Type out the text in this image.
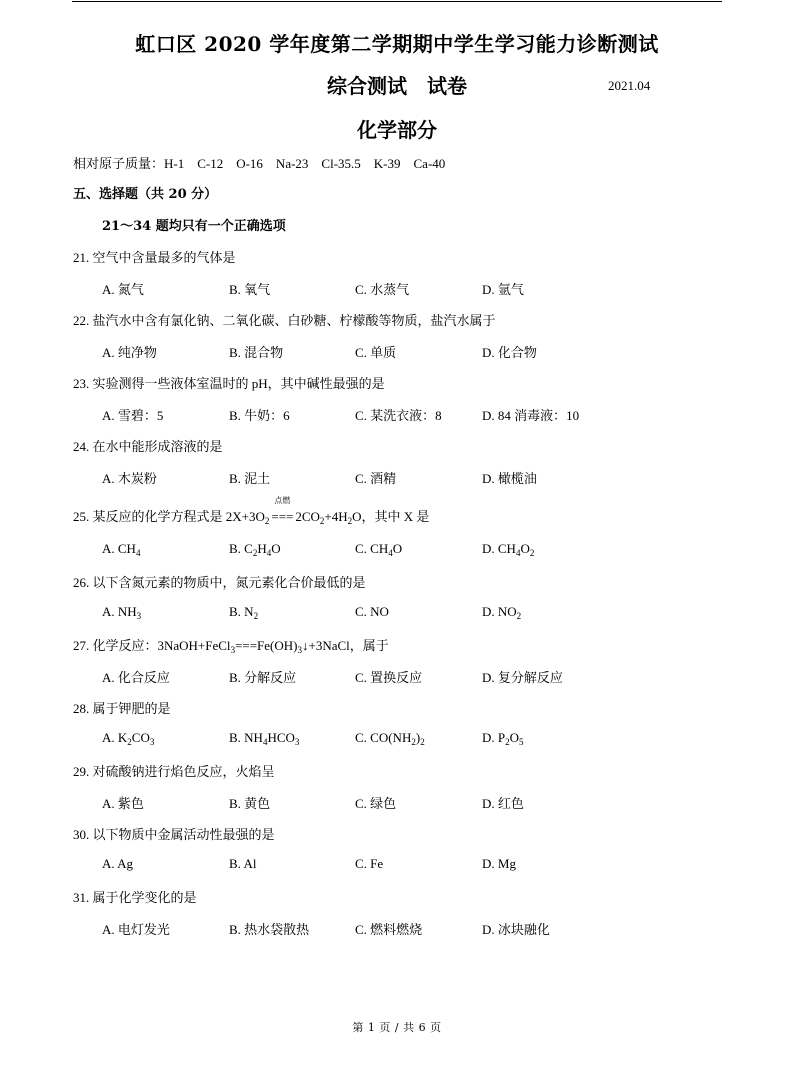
虹口区 2020 学年度第二学期期中学生学习能力诊断测试
综合测试　试卷	2021.04
化学部分
相对原子质量：H-1　C-12　O-16　Na-23　Cl-35.5　K-39　Ca-40
五、选择题（共 20 分）
21～34 题均只有一个正确选项
21. 空气中含量最多的气体是
A. 氮气	B. 氧气	C. 水蒸气	D. 氩气
22. 盐汽水中含有氯化钠、二氧化碳、白砂糖、柠檬酸等物质，盐汽水属于
A. 纯净物	B. 混合物	C. 单质	D. 化合物
23. 实验测得一些液体室温时的 pH，其中碱性最强的是
A. 雪碧：5	B. 牛奶：6	C. 某洗衣液：8	D. 84 消毒液：10
24. 在水中能形成溶液的是
A. 木炭粉	B. 泥土	C. 酒精	D. 橄榄油
25. 某反应的化学方程式是 $2X+3O_2$
点燃
=== $2CO_2+4H_2O$，其中 X 是
A. $CH_4$	B. $C_2H_4O$	C. $CH_4O$	D. $CH_4O_2$
26. 以下含氮元素的物质中，氮元素化合价最低的是
A. $NH_3$	B. $N_2$	C. NO	D. $NO_2$
27. 化学反应：$3NaOH+FeCl_3===Fe(OH)_3↓+3NaCl$，属于
A. 化合反应	B. 分解反应	C. 置换反应	D. 复分解反应
28. 属于钾肥的是
A. $K_2CO_3$	B. $NH_4HCO_3$	C. $CO(NH_2)_2$	D. $P_2O_5$
29. 对硫酸钠进行焰色反应，火焰呈
A. 紫色	B. 黄色	C. 绿色	D. 红色
30. 以下物质中金属活动性最强的是
A. Ag	B. Al	C. Fe	D. Mg
31. 属于化学变化的是
A. 电灯发光	B. 热水袋散热	C. 燃料燃烧	D. 冰块融化
第 1 页 / 共 6 页
